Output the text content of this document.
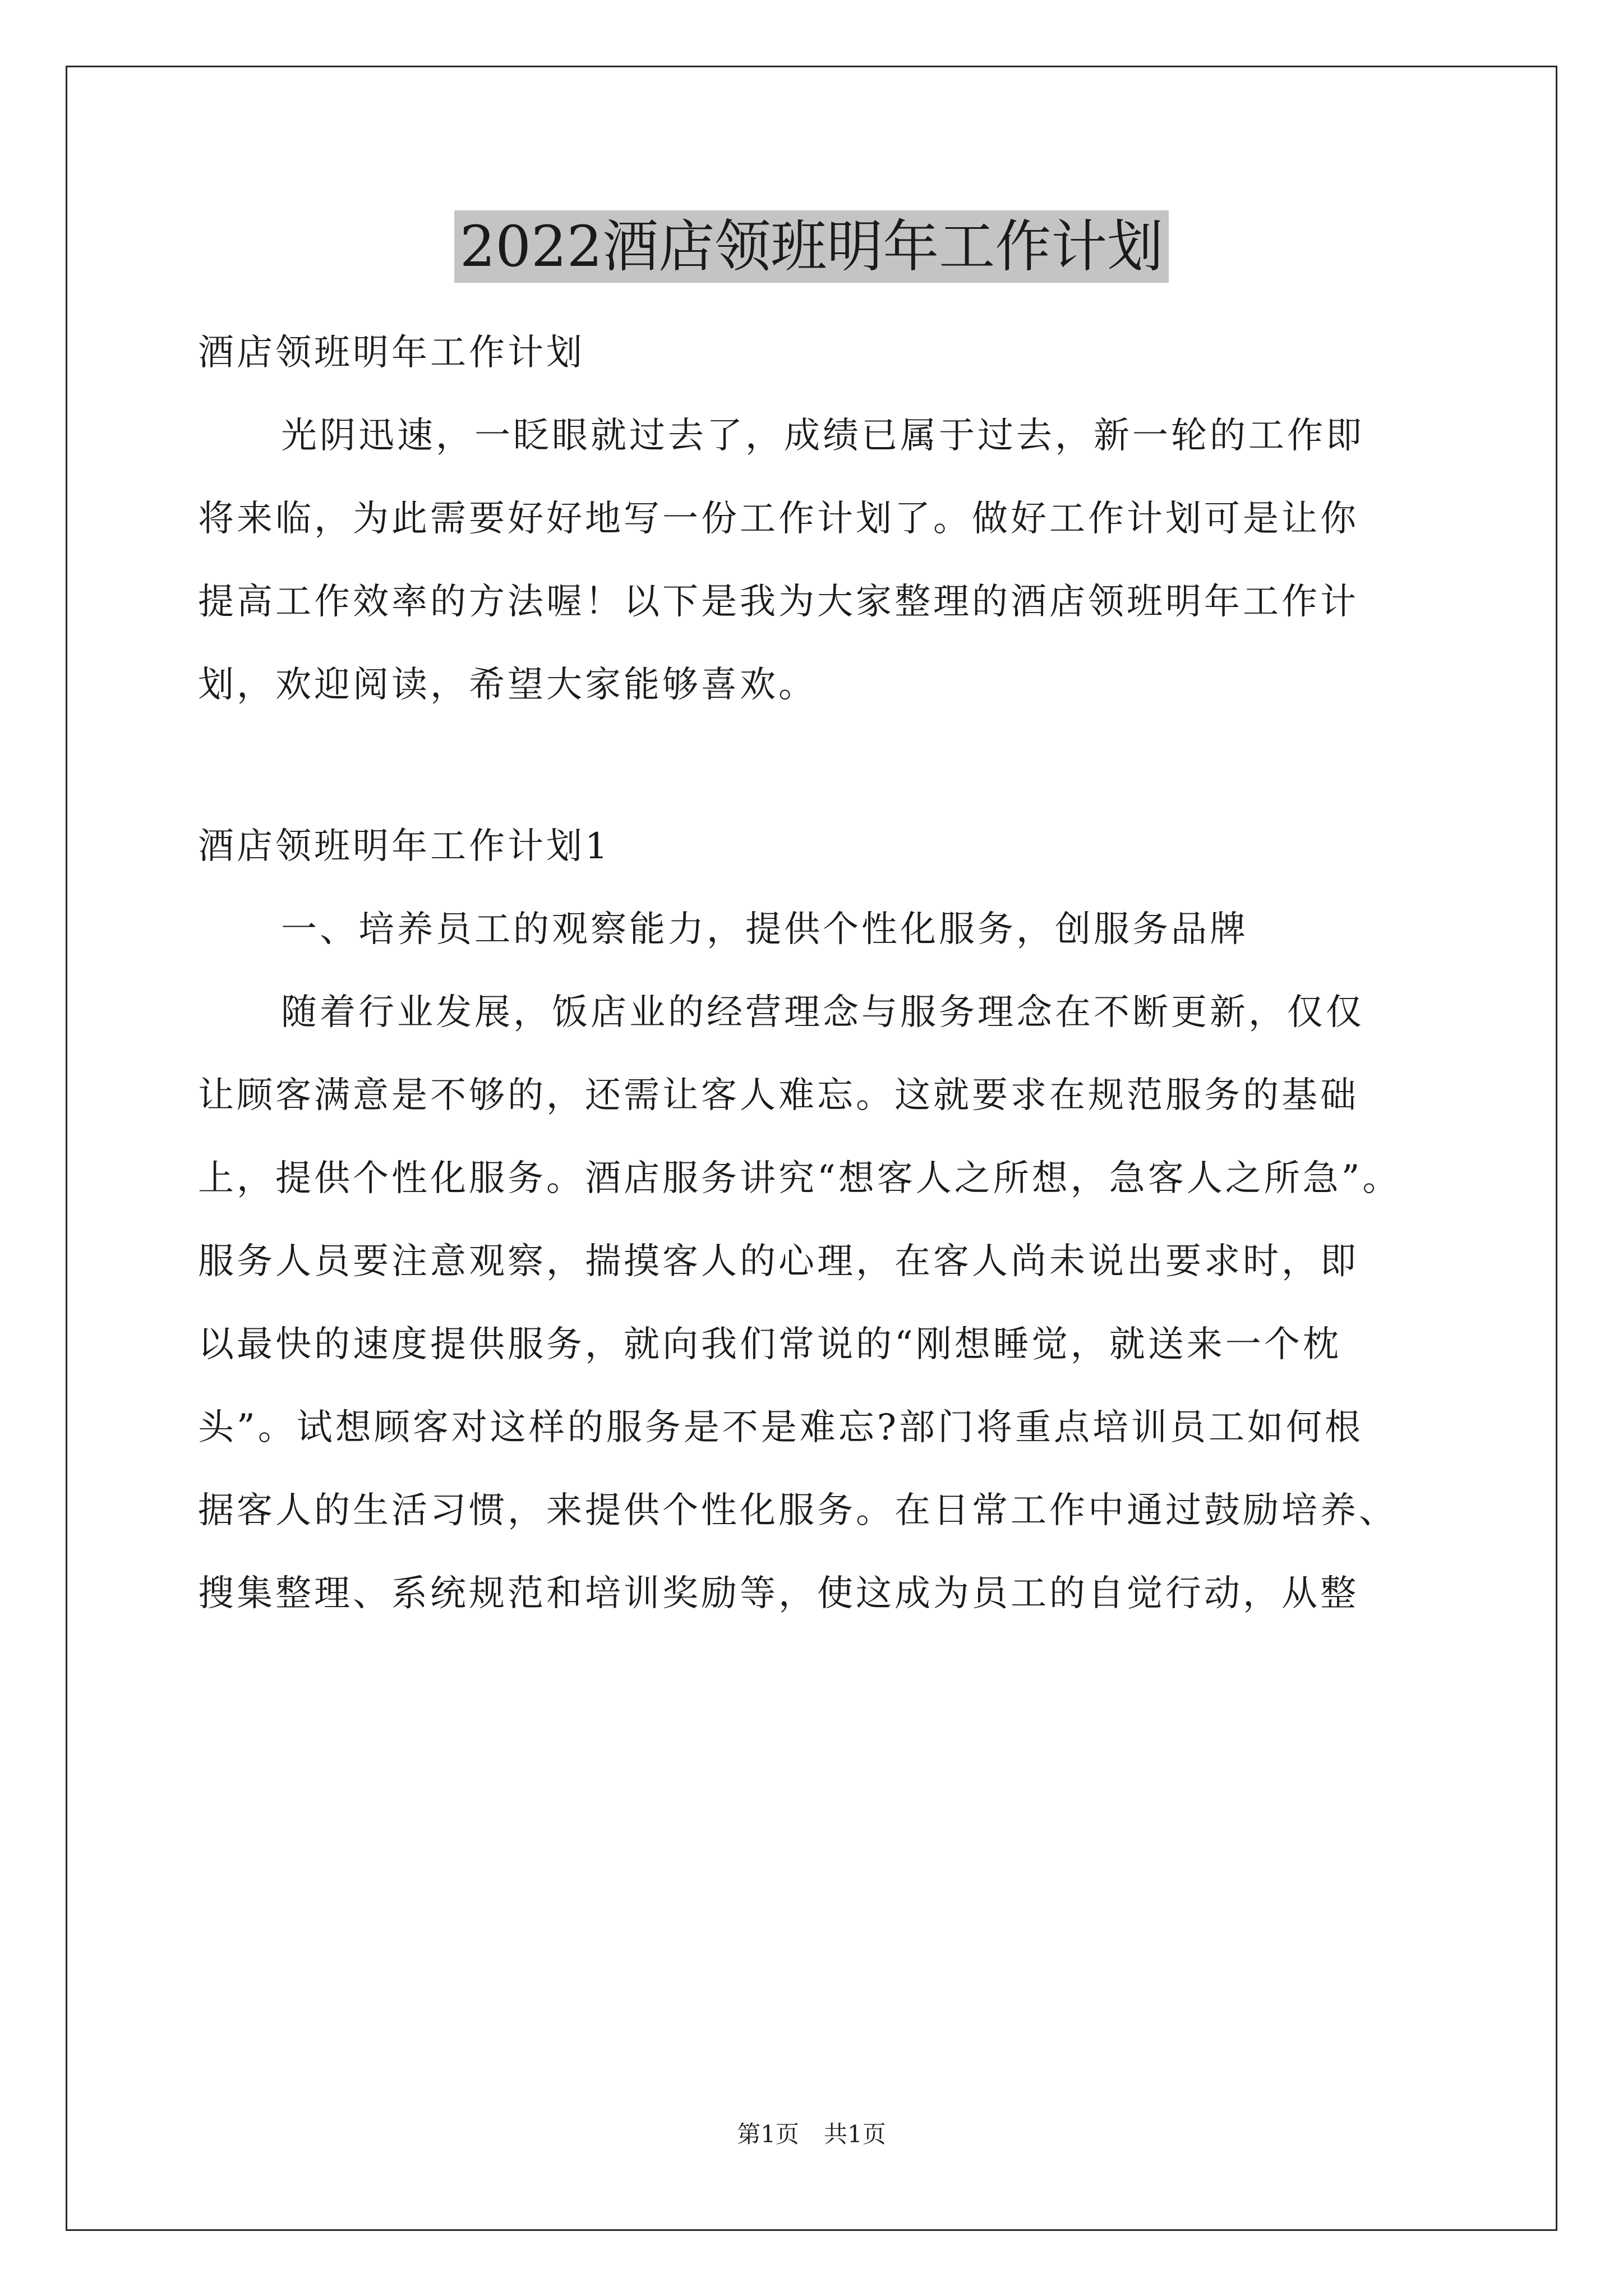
2022酒店领班明年工作计划
酒店领班明年工作计划
光阴迅速，一眨眼就过去了，成绩已属于过去，新一轮的工作即
将来临，为此需要好好地写一份工作计划了。做好工作计划可是让你
提高工作效率的方法喔！以下是我为大家整理的酒店领班明年工作计
划，欢迎阅读，希望大家能够喜欢。
酒店领班明年工作计划1
一、培养员工的观察能力，提供个性化服务，创服务品牌
随着行业发展，饭店业的经营理念与服务理念在不断更新，仅仅
让顾客满意是不够的，还需让客人难忘。这就要求在规范服务的基础
上，提供个性化服务。酒店服务讲究“想客人之所想，急客人之所急”。
服务人员要注意观察，揣摸客人的心理，在客人尚未说出要求时，即
以最快的速度提供服务，就向我们常说的“刚想睡觉，就送来一个枕
头”。试想顾客对这样的服务是不是难忘?部门将重点培训员工如何根
据客人的生活习惯，来提供个性化服务。在日常工作中通过鼓励培养、
搜集整理、系统规范和培训奖励等，使这成为员工的自觉行动，从整
第1页 共1页
